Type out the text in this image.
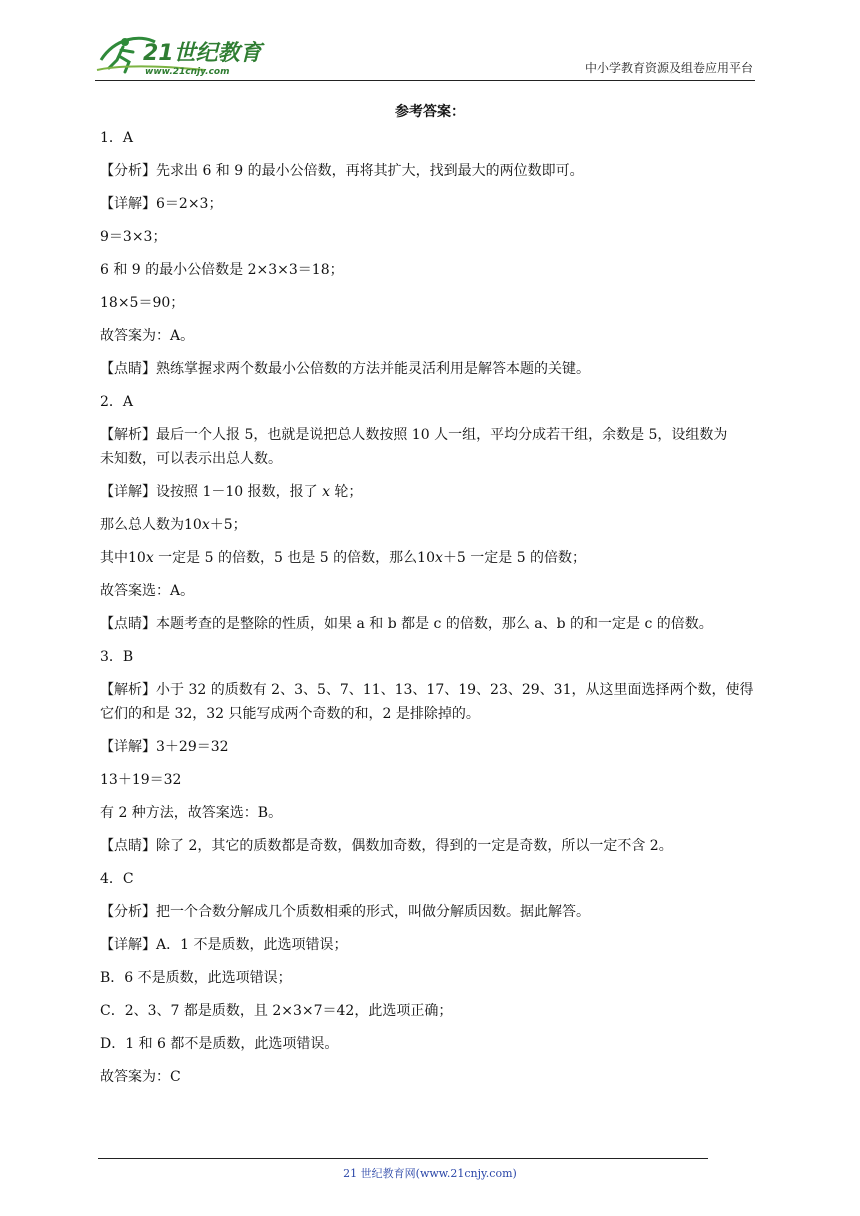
21世纪教育
www.21cnjy.com	中小学教育资源及组卷应用平台
参考答案：
1．A
【分析】先求出 6 和 9 的最小公倍数，再将其扩大，找到最大的两位数即可。
【详解】6＝2×3；
9＝3×3；
6 和 9 的最小公倍数是 2×3×3＝18；
18×5＝90；
故答案为：A。
【点睛】熟练掌握求两个数最小公倍数的方法并能灵活利用是解答本题的关键。
2．A
【解析】最后一个人报 5，也就是说把总人数按照 10 人一组，平均分成若干组，余数是 5，设组数为
未知数，可以表示出总人数。
【详解】设按照 1－10 报数，报了 x 轮；
那么总人数为10x＋5；
其中10x 一定是 5 的倍数，5 也是 5 的倍数，那么10x＋5 一定是 5 的倍数；
故答案选：A。
【点睛】本题考查的是整除的性质，如果 a 和 b 都是 c 的倍数，那么 a、b 的和一定是 c 的倍数。
3．B
【解析】小于 32 的质数有 2、3、5、7、11、13、17、19、23、29、31，从这里面选择两个数，使得
它们的和是 32，32 只能写成两个奇数的和，2 是排除掉的。
【详解】3＋29＝32
13＋19＝32
有 2 种方法，故答案选：B。
【点睛】除了 2，其它的质数都是奇数，偶数加奇数，得到的一定是奇数，所以一定不含 2。
4．C
【分析】把一个合数分解成几个质数相乘的形式，叫做分解质因数。据此解答。
【详解】A．1 不是质数，此选项错误；
B．6 不是质数，此选项错误；
C．2、3、7 都是质数，且 2×3×7＝42，此选项正确；
D．1 和 6 都不是质数，此选项错误。
故答案为：C
21 世纪教育网(www.21cnjy.com)
